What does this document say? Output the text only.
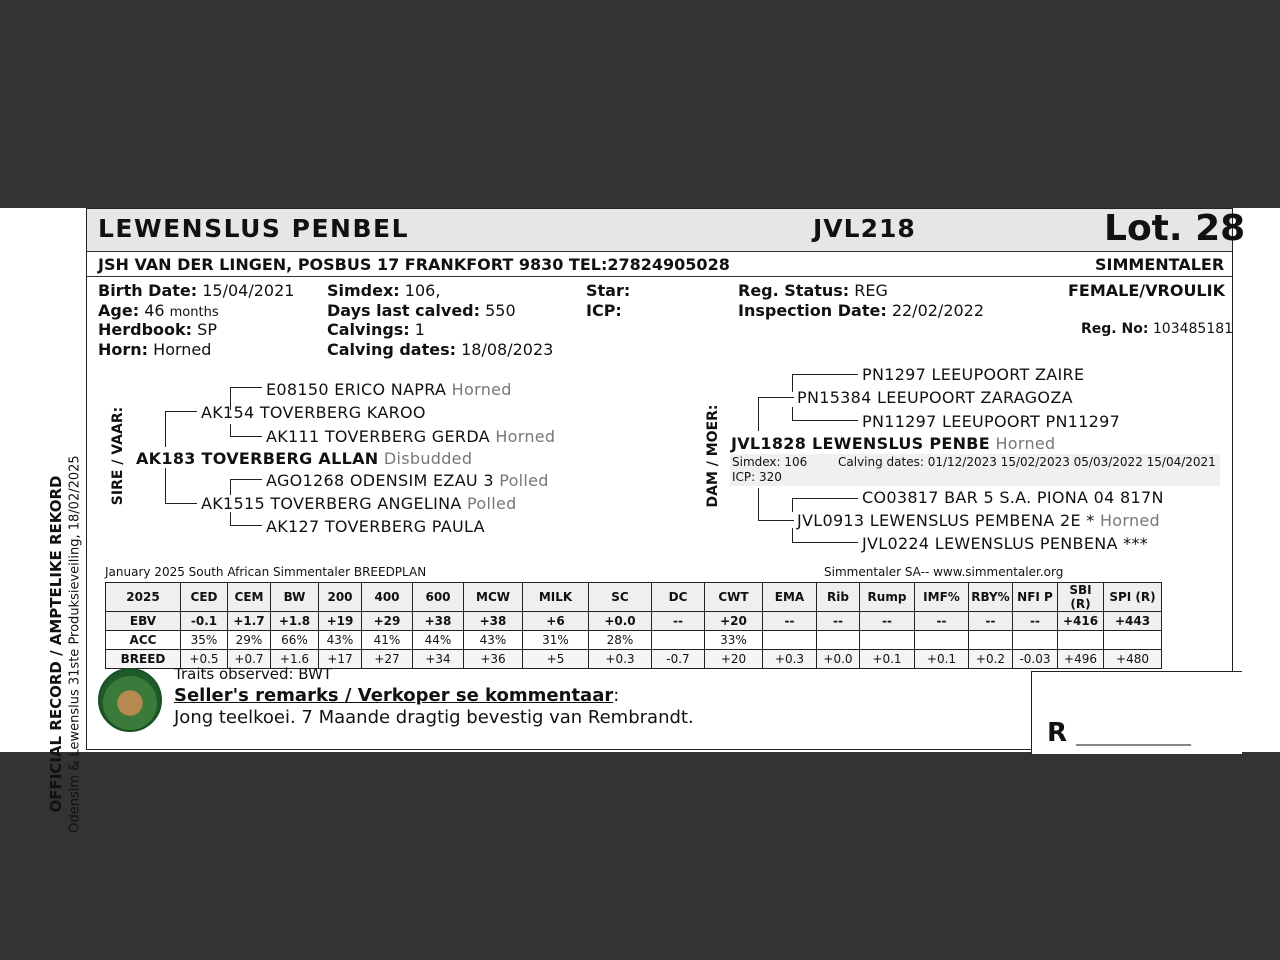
OFFICIAL RECORD / AMPTELIKE REKORD Odensim & Lewenslus 31ste Produksieveiling, 18/02/2025
LEWENSLUS PENBEL	JVL218	Lot. 28
JSH VAN DER LINGEN, POSBUS 17 FRANKFORT 9830 TEL:27824905028	SIMMENTALER
Birth Date: 15/04/2021
Age: 46 months
Herdbook: SP
Horn: Horned
Simdex: 106,
Days last calved: 550
Calvings: 1
Calving dates: 18/08/2023
Star:
ICP:
Reg. Status: REG
Inspection Date: 22/02/2022
FEMALE/VROULIK
Reg. No: 103485181
SIRE / VAAR:
E08150 ERICO NAPRA Horned
AK154 TOVERBERG KAROO
AK111 TOVERBERG GERDA Horned
AK183 TOVERBERG ALLAN Disbudded
AGO1268 ODENSIM EZAU 3 Polled
AK1515 TOVERBERG ANGELINA Polled
AK127 TOVERBERG PAULA
DAM / MOER:
PN1297 LEEUPOORT ZAIRE
PN15384 LEEUPOORT ZARAGOZA
PN11297 LEEUPOORT PN11297
JVL1828 LEWENSLUS PENBE Horned
Simdex: 106	Calving dates: 01/12/2023 15/02/2023 05/03/2022 15/04/2021
ICP: 320
CO03817 BAR 5 S.A. PIONA 04 817N
JVL0913 LEWENSLUS PEMBENA 2E * Horned
JVL0224 LEWENSLUS PENBENA ***
January 2025 South African Simmentaler BREEDPLAN	Simmentaler SA-- www.simmentaler.org
2025	CED	CEM	BW	200	400	600	MCW	MILK	SC	DC	CWT	EMA	Rib	Rump	IMF%	RBY%	NFI P	SBI (R)	SPI (R)
EBV	-0.1	+1.7	+1.8	+19	+29	+38	+38	+6	+0.0	--	+20	--	--	--	--	--	--	+416	+443
ACC	35%	29%	66%	43%	41%	44%	43%	31%	28%		33%								
BREED	+0.5	+0.7	+1.6	+17	+27	+34	+36	+5	+0.3	-0.7	+20	+0.3	+0.0	+0.1	+0.1	+0.2	-0.03	+496	+480
Traits observed: BWT
Seller's remarks / Verkoper se kommentaar:
Jong teelkoei. 7 Maande dragtig bevestig van Rembrandt.
R ___________________
